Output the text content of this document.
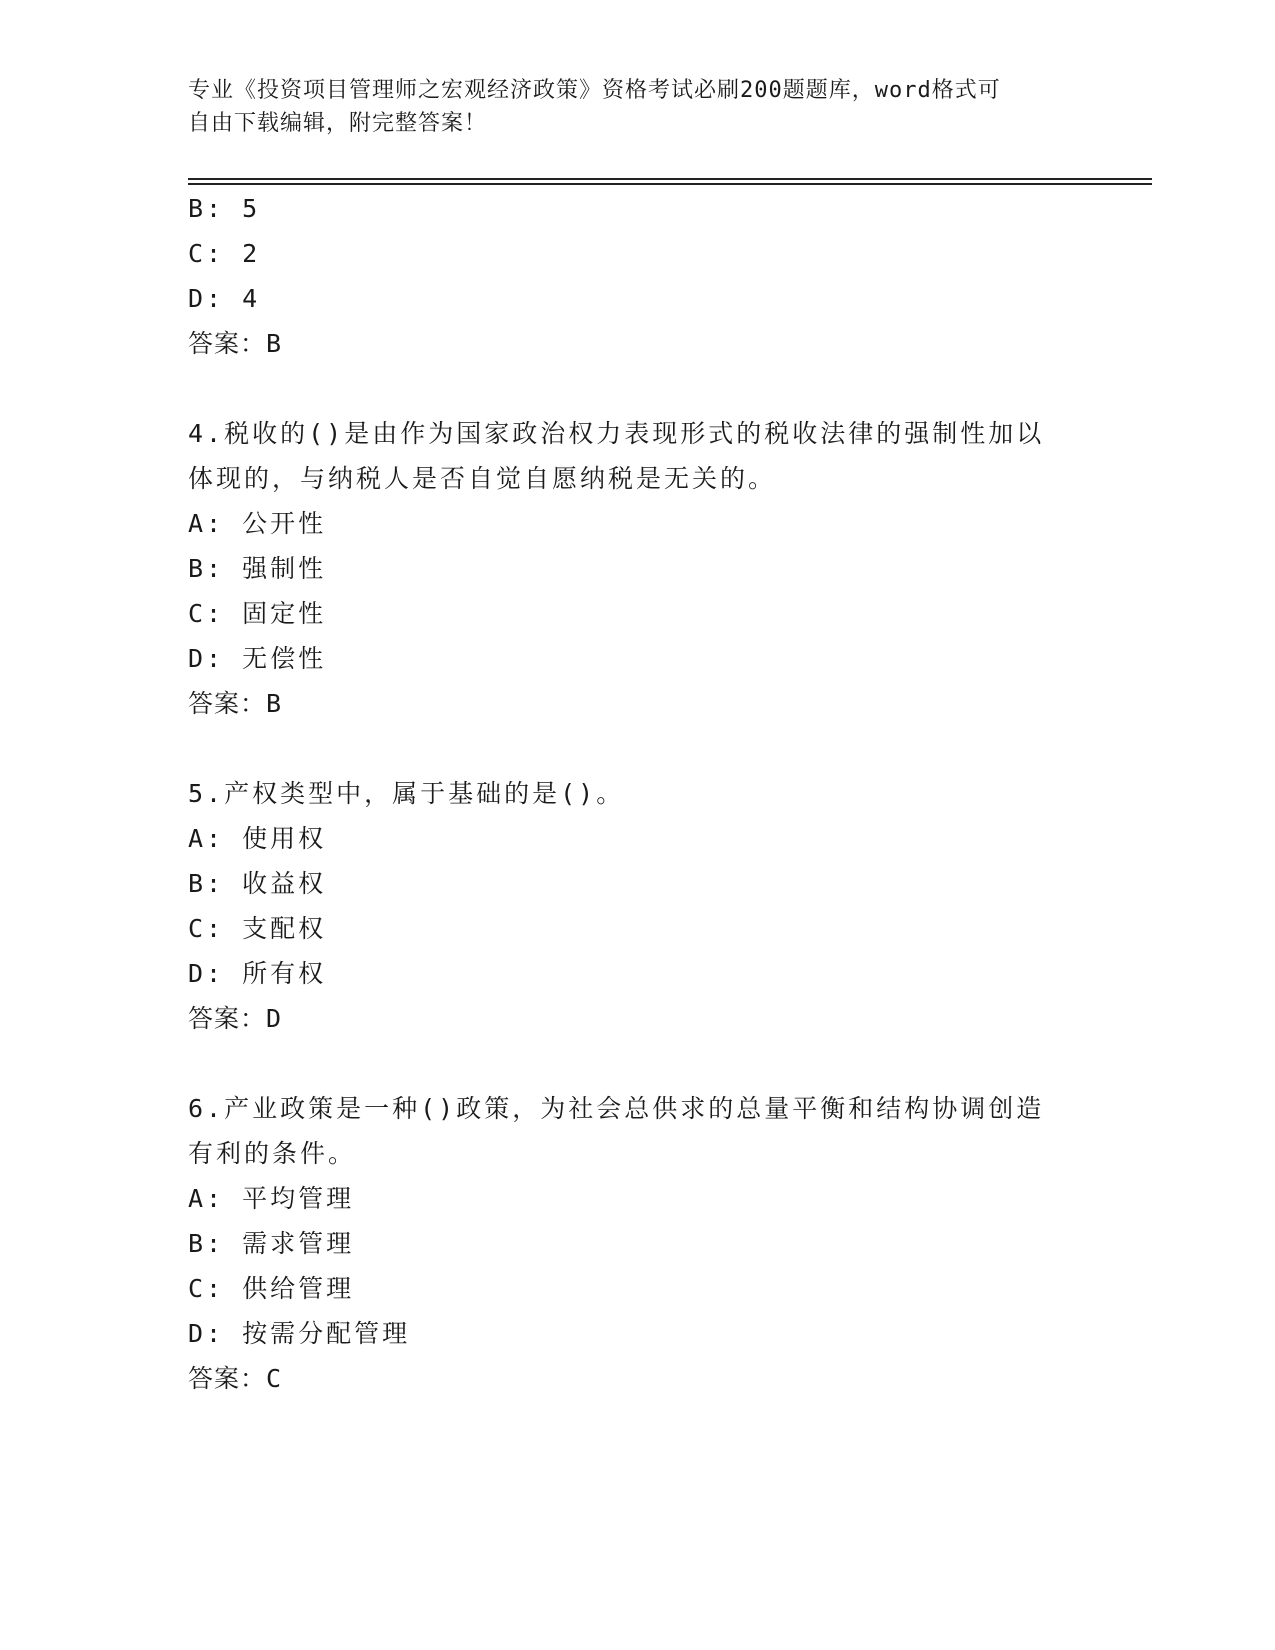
专业《投资项目管理师之宏观经济政策》资格考试必刷200题题库，word格式可
自由下载编辑，附完整答案！
B: 5
C: 2
D: 4
答案：B
4.税收的()是由作为国家政治权力表现形式的税收法律的强制性加以
体现的，与纳税人是否自觉自愿纳税是无关的。
A: 公开性
B: 强制性
C: 固定性
D: 无偿性
答案：B
5.产权类型中，属于基础的是()。
A: 使用权
B: 收益权
C: 支配权
D: 所有权
答案：D
6.产业政策是一种()政策，为社会总供求的总量平衡和结构协调创造
有利的条件。
A: 平均管理
B: 需求管理
C: 供给管理
D: 按需分配管理
答案：C
